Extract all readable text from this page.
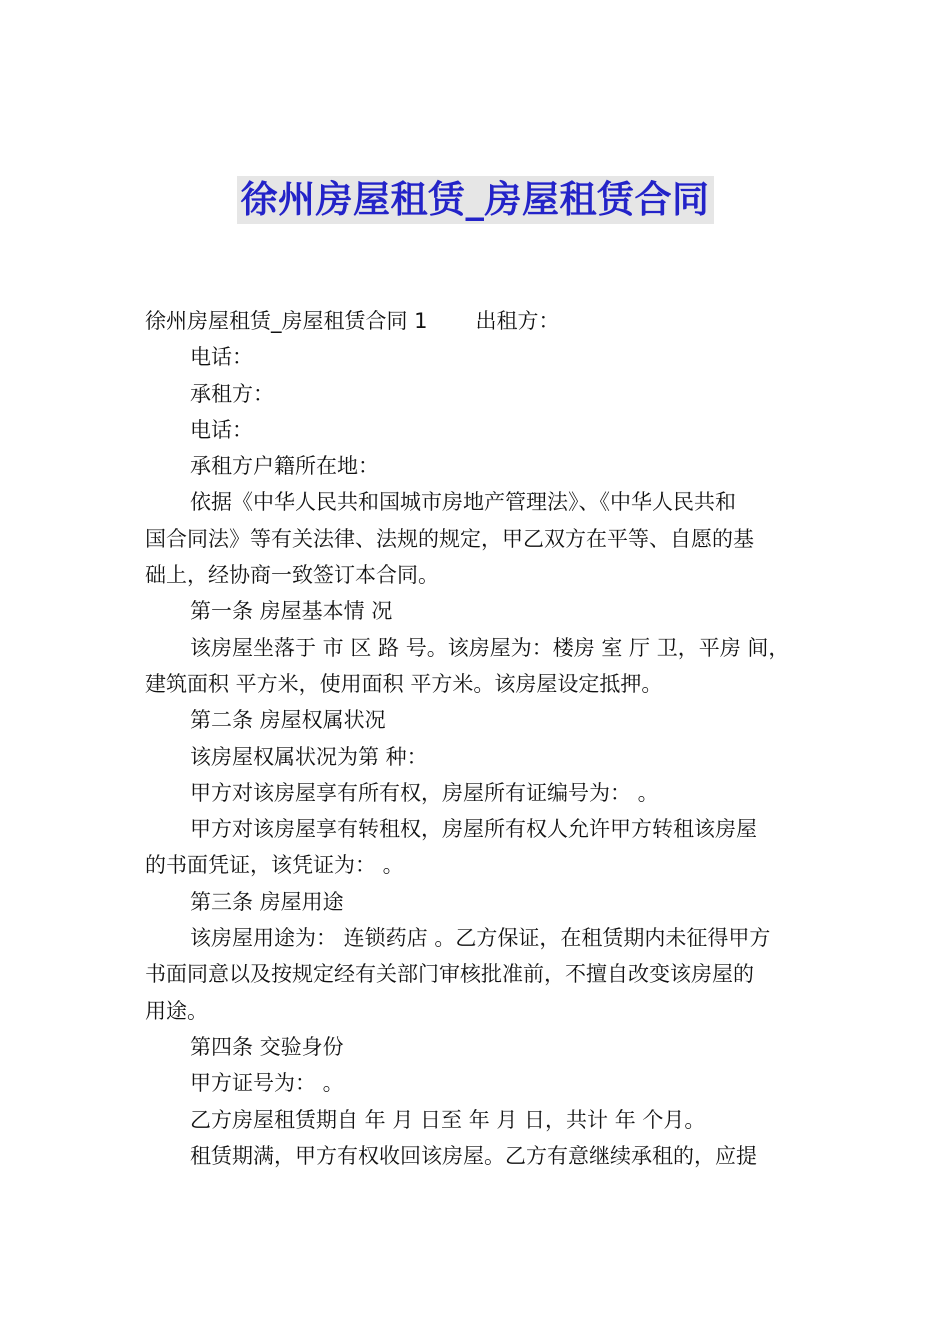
徐州房屋租赁_房屋租赁合同
徐州房屋租赁_房屋租赁合同 1 出租方：
电话：
承租方：
电话：
承租方户籍所在地：
依据《中华人民共和国城市房地产管理法》、《中华人民共和
国合同法》等有关法律、法规的规定，甲乙双方在平等、自愿的基
础上，经协商一致签订本合同。
第一条 房屋基本情 况
该房屋坐落于 市 区 路 号。该房屋为：楼房 室 厅 卫，平房 间，
建筑面积 平方米，使用面积 平方米。该房屋设定抵押。
第二条 房屋权属状况
该房屋权属状况为第 种：
甲方对该房屋享有所有权，房屋所有证编号为： 。
甲方对该房屋享有转租权，房屋所有权人允许甲方转租该房屋
的书面凭证，该凭证为： 。
第三条 房屋用途
该房屋用途为： 连锁药店 。乙方保证，在租赁期内未征得甲方
书面同意以及按规定经有关部门审核批准前，不擅自改变该房屋的
用途。
第四条 交验身份
甲方证号为： 。
乙方房屋租赁期自 年 月 日至 年 月 日，共计 年 个月。
租赁期满，甲方有权收回该房屋。乙方有意继续承租的，应提
